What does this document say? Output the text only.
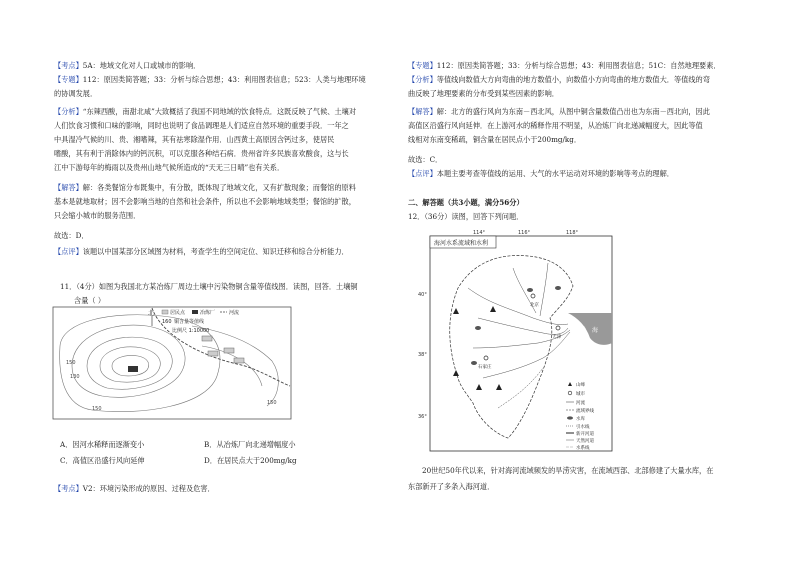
【考点】5A：地域文化对人口或城市的影响．
【专题】112：原因类简答题；33：分析与综合思想；43：利用图表信息；523：人类与地理环境
的协调发展．
【分析】“东辣西酸，南甜北咸”大致概括了我国不同地域的饮食特点．这既反映了气候、土壤对
人们饮食习惯和口味的影响，同时也说明了食品调理是人们适应自然环境的重要手段．一年之
中具湿冷气候的川、贵、湘嗜辣，其有祛寒除湿作用．山西黄土高原因含钙过多，使居民
嗜酸，其有利于消除体内的钙沉积，可以克服各种结石病．贵州省许多民族喜欢酸食，这与长
江中下游每年的梅雨以及贵州山地气候所造成的“天无三日晴”也有关系．
【解答】解：各类餐馆分布既集中，有分散，既体现了地域文化，又有扩散现象；而餐馆的原料
基本是就地取材；因不会影响当地的自然和社会条件，所以也不会影响地域类型；餐馆的扩散，
只会缩小城市的服务范围．
故选：D．
【点评】该题以中国某部分区域图为材料，考查学生的空间定位、知识迁移和综合分析能力．
11．（4分）如图为我国北方某冶炼厂周边土壤中污染物铜含量等值线图．读图，回答．土壤铜
含量（ ）
150
130
150
150
北	居民点	冶炼厂	河流
160 铜含量等值线
比例尺 1:10000
A．因河水稀释而逐渐变小	B．从冶炼厂向北递增幅度小
C．高值区沿盛行风向延伸	D．在居民点大于200mg/kg
【考点】V2：环境污染形成的原因、过程及危害．
【专题】112：原因类简答题；33：分析与综合思想；43：利用图表信息；51C：自然地理要素．
【分析】等值线向数值大方向弯曲的地方数值小，向数值小方向弯曲的地方数值大．等值线的弯
曲反映了地理要素的分布受到某些因素的影响．
【解答】解：北方的盛行风向为东南－西北风，从图中铜含量数值凸出也为东南－西北向，因此
高值区沿盛行风向延伸．在上游河水的稀释作用不明显，从冶炼厂向北递减幅度大，因此等值
线相对东南变稀疏，铜含量在居民点小于200mg/kg．
故选：C．
【点评】本题主要考查等值线的运用、大气的水平运动对环境的影响等考点的理解．
二、解答题（共3小题，满分56分）
12．（36分）读图，回答下列问题．
海河水系流域和水利
114°	116°	118°
40°
38°
36°
渤　海
北京
天津
石家庄
山峰
城市
河流
流域界线
水库
引水线
新开河道
天然河道
水系线
20世纪50年代以来，针对海河流域频发的旱涝灾害，在流域西部、北部修建了大量水库，在
东部新开了多条入海河道．
